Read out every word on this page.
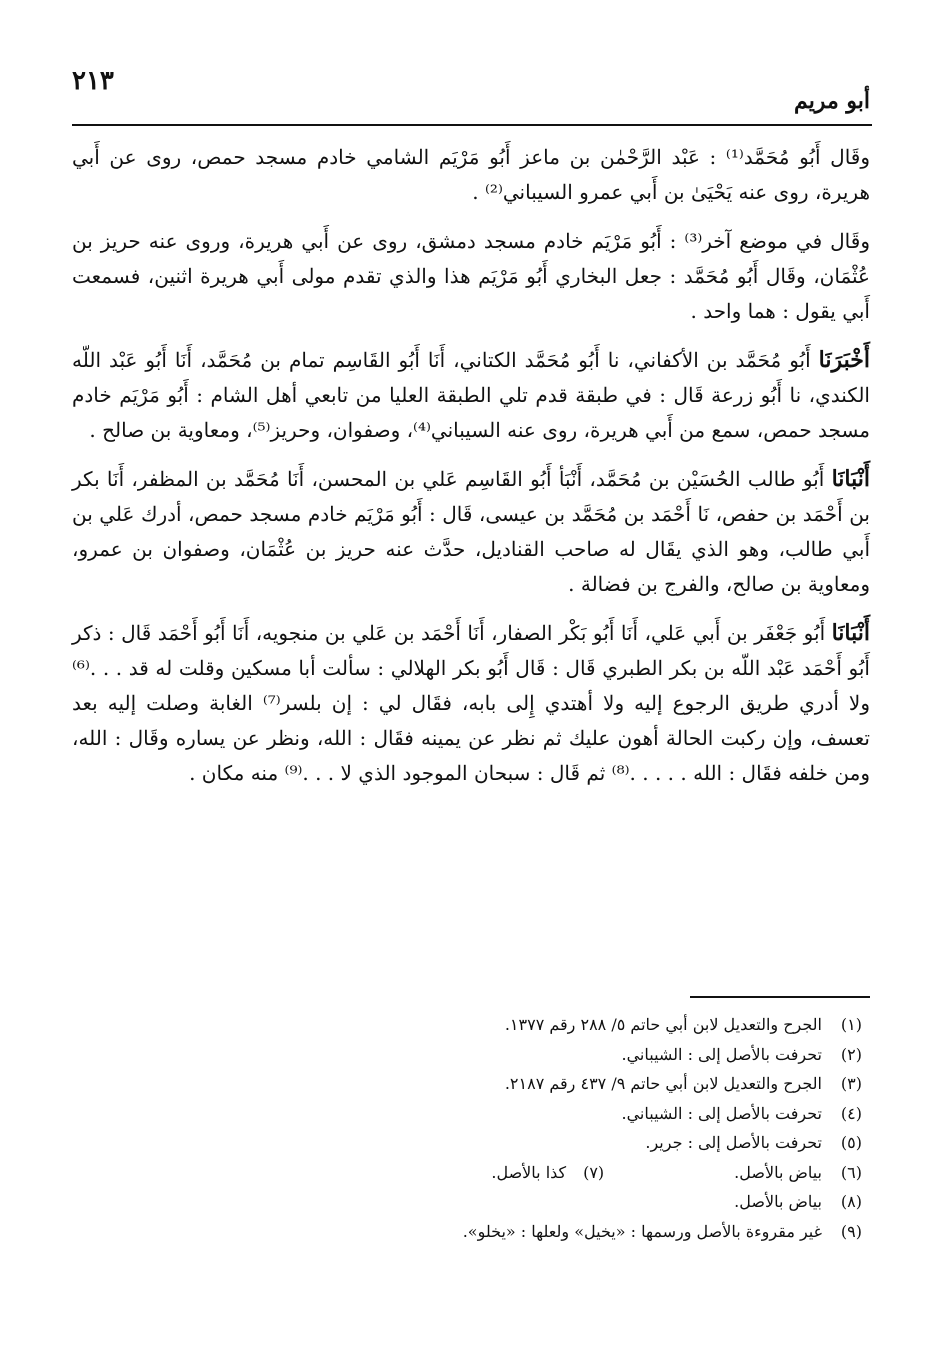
أبو مريم
٢١٣

وقَال أَبُو مُحَمَّد⁽¹⁾ : عَبْد الرَّحْمٰن بن ماعز أَبُو مَرْيَم الشامي خادم مسجد حمص، روى عن أَبي هريرة، روى عنه يَحْيَىٰ بن أَبي عمرو السيباني⁽²⁾ .

وقَال في موضع آخر⁽³⁾ : أَبُو مَرْيَم خادم مسجد دمشق، روى عن أَبي هريرة، وروى عنه حريز بن عُثْمَان، وقَال أَبُو مُحَمَّد : جعل البخاري أَبُو مَرْيَم هذا والذي تقدم مولى أَبي هريرة اثنين، فسمعت أَبي يقول : هما واحد .

أَخْبَرَنَا أَبُو مُحَمَّد بن الأكفاني، نا أَبُو مُحَمَّد الكتاني، أَنَا أَبُو القَاسِم تمام بن مُحَمَّد، أَنَا أَبُو عَبْد اللّه الكندي، نا أَبُو زرعة قَال : في طبقة قدم تلي الطبقة العليا من تابعي أهل الشام : أَبُو مَرْيَم خادم مسجد حمص، سمع من أَبي هريرة، روى عنه السيباني⁽⁴⁾، وصفوان، وحريز⁽⁵⁾، ومعاوية بن صالح .

أَنْبَانَا أَبُو طالب الحُسَيْن بن مُحَمَّد، أَنْبَأ أَبُو القَاسِم عَلي بن المحسن، أَنَا مُحَمَّد بن المظفر، أَنَا بكر بن أَحْمَد بن حفص، نَا أَحْمَد بن مُحَمَّد بن عيسى، قَال : أَبُو مَرْيَم خادم مسجد حمص، أدرك عَلي بن أَبي طالب، وهو الذي يقَال له صاحب القناديل، حدَّث عنه حريز بن عُثْمَان، وصفوان بن عمرو، ومعاوية بن صالح، والفرج بن فضالة .

أَنْبَانَا أَبُو جَعْفَر بن أَبي عَلي، أَنَا أَبُو بَكْر الصفار، أَنَا أَحْمَد بن عَلي بن منجويه، أَنَا أَبُو أَحْمَد قَال : ذكر أَبُو أَحْمَد عَبْد اللّه بن بكر الطبري قَال : قَال أَبُو بكر الهلالي : سألت أبا مسكين وقلت له قد . . .⁽⁶⁾ ولا أدري طريق الرجوع إليه ولا أهتدي إِلى بابه، فقَال لي : إن بلسر⁽⁷⁾ الغابة وصلت إليه بعد تعسف، وإن ركبت الحالة أهون عليك ثم نظر عن يمينه فقَال : الله، ونظر عن يساره وقَال : الله، ومن خلفه فقَال : الله . . . . .⁽⁸⁾ ثم قَال : سبحان الموجود الذي لا . . .⁽⁹⁾ منه مكان .

(١)
الجرح والتعديل لابن أبي حاتم ٥/ ٢٨٨ رقم ١٣٧٧.
(٢)
تحرفت بالأصل إلى : الشيباني.
(٣)
الجرح والتعديل لابن أبي حاتم ٩/ ٤٣٧ رقم ٢١٨٧.
(٤)
تحرفت بالأصل إلى : الشيباني.
(٥)
تحرفت بالأصل إلى : جرير.
(٦)
بياض بالأصل.
(٧)
كذا بالأصل.
(٨)
بياض بالأصل.
(٩)
غير مقروءة بالأصل ورسمها : «يخيل» ولعلها : «يخلو».
